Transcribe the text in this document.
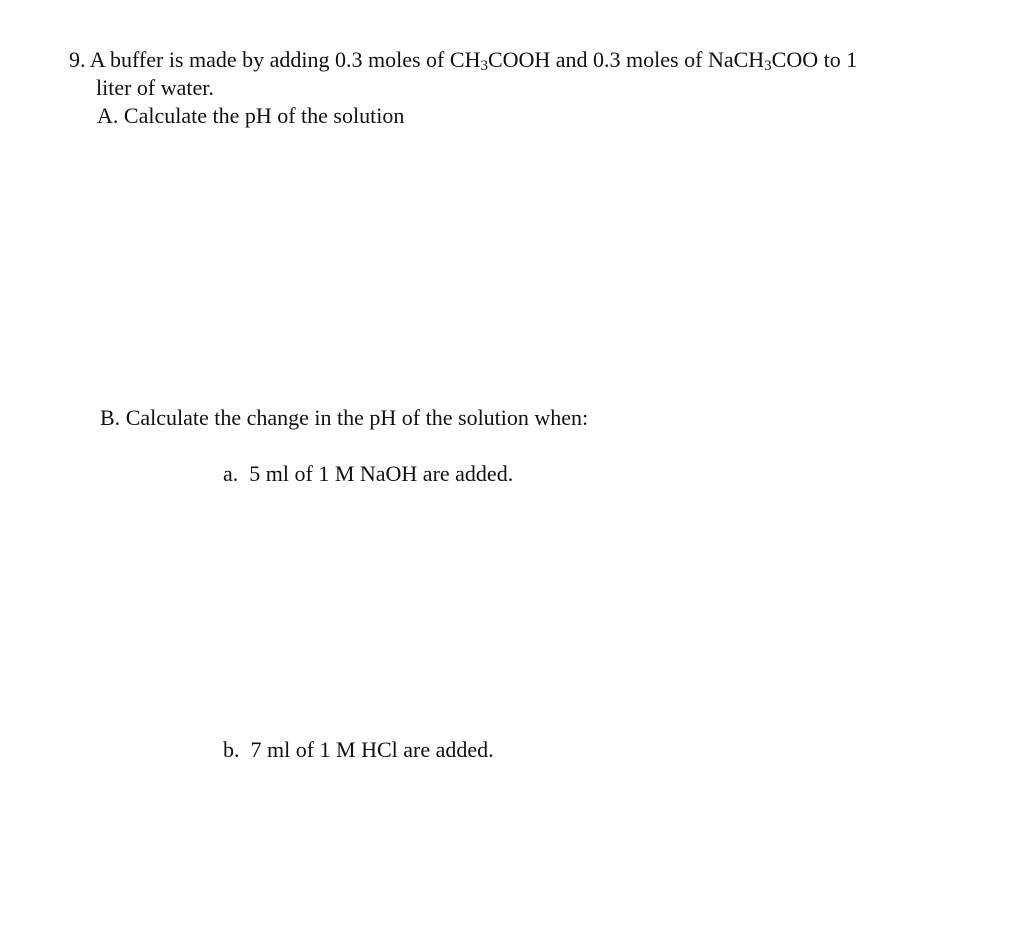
9. A buffer is made by adding 0.3 moles of $CH_3COOH$ and 0.3 moles of NaCH$_3$COO to 1
liter of water.
A. Calculate the pH of the solution
B. Calculate the change in the pH of the solution when:
a. 5 ml of 1 M NaOH are added.
b. 7 ml of 1 M HCl are added.
